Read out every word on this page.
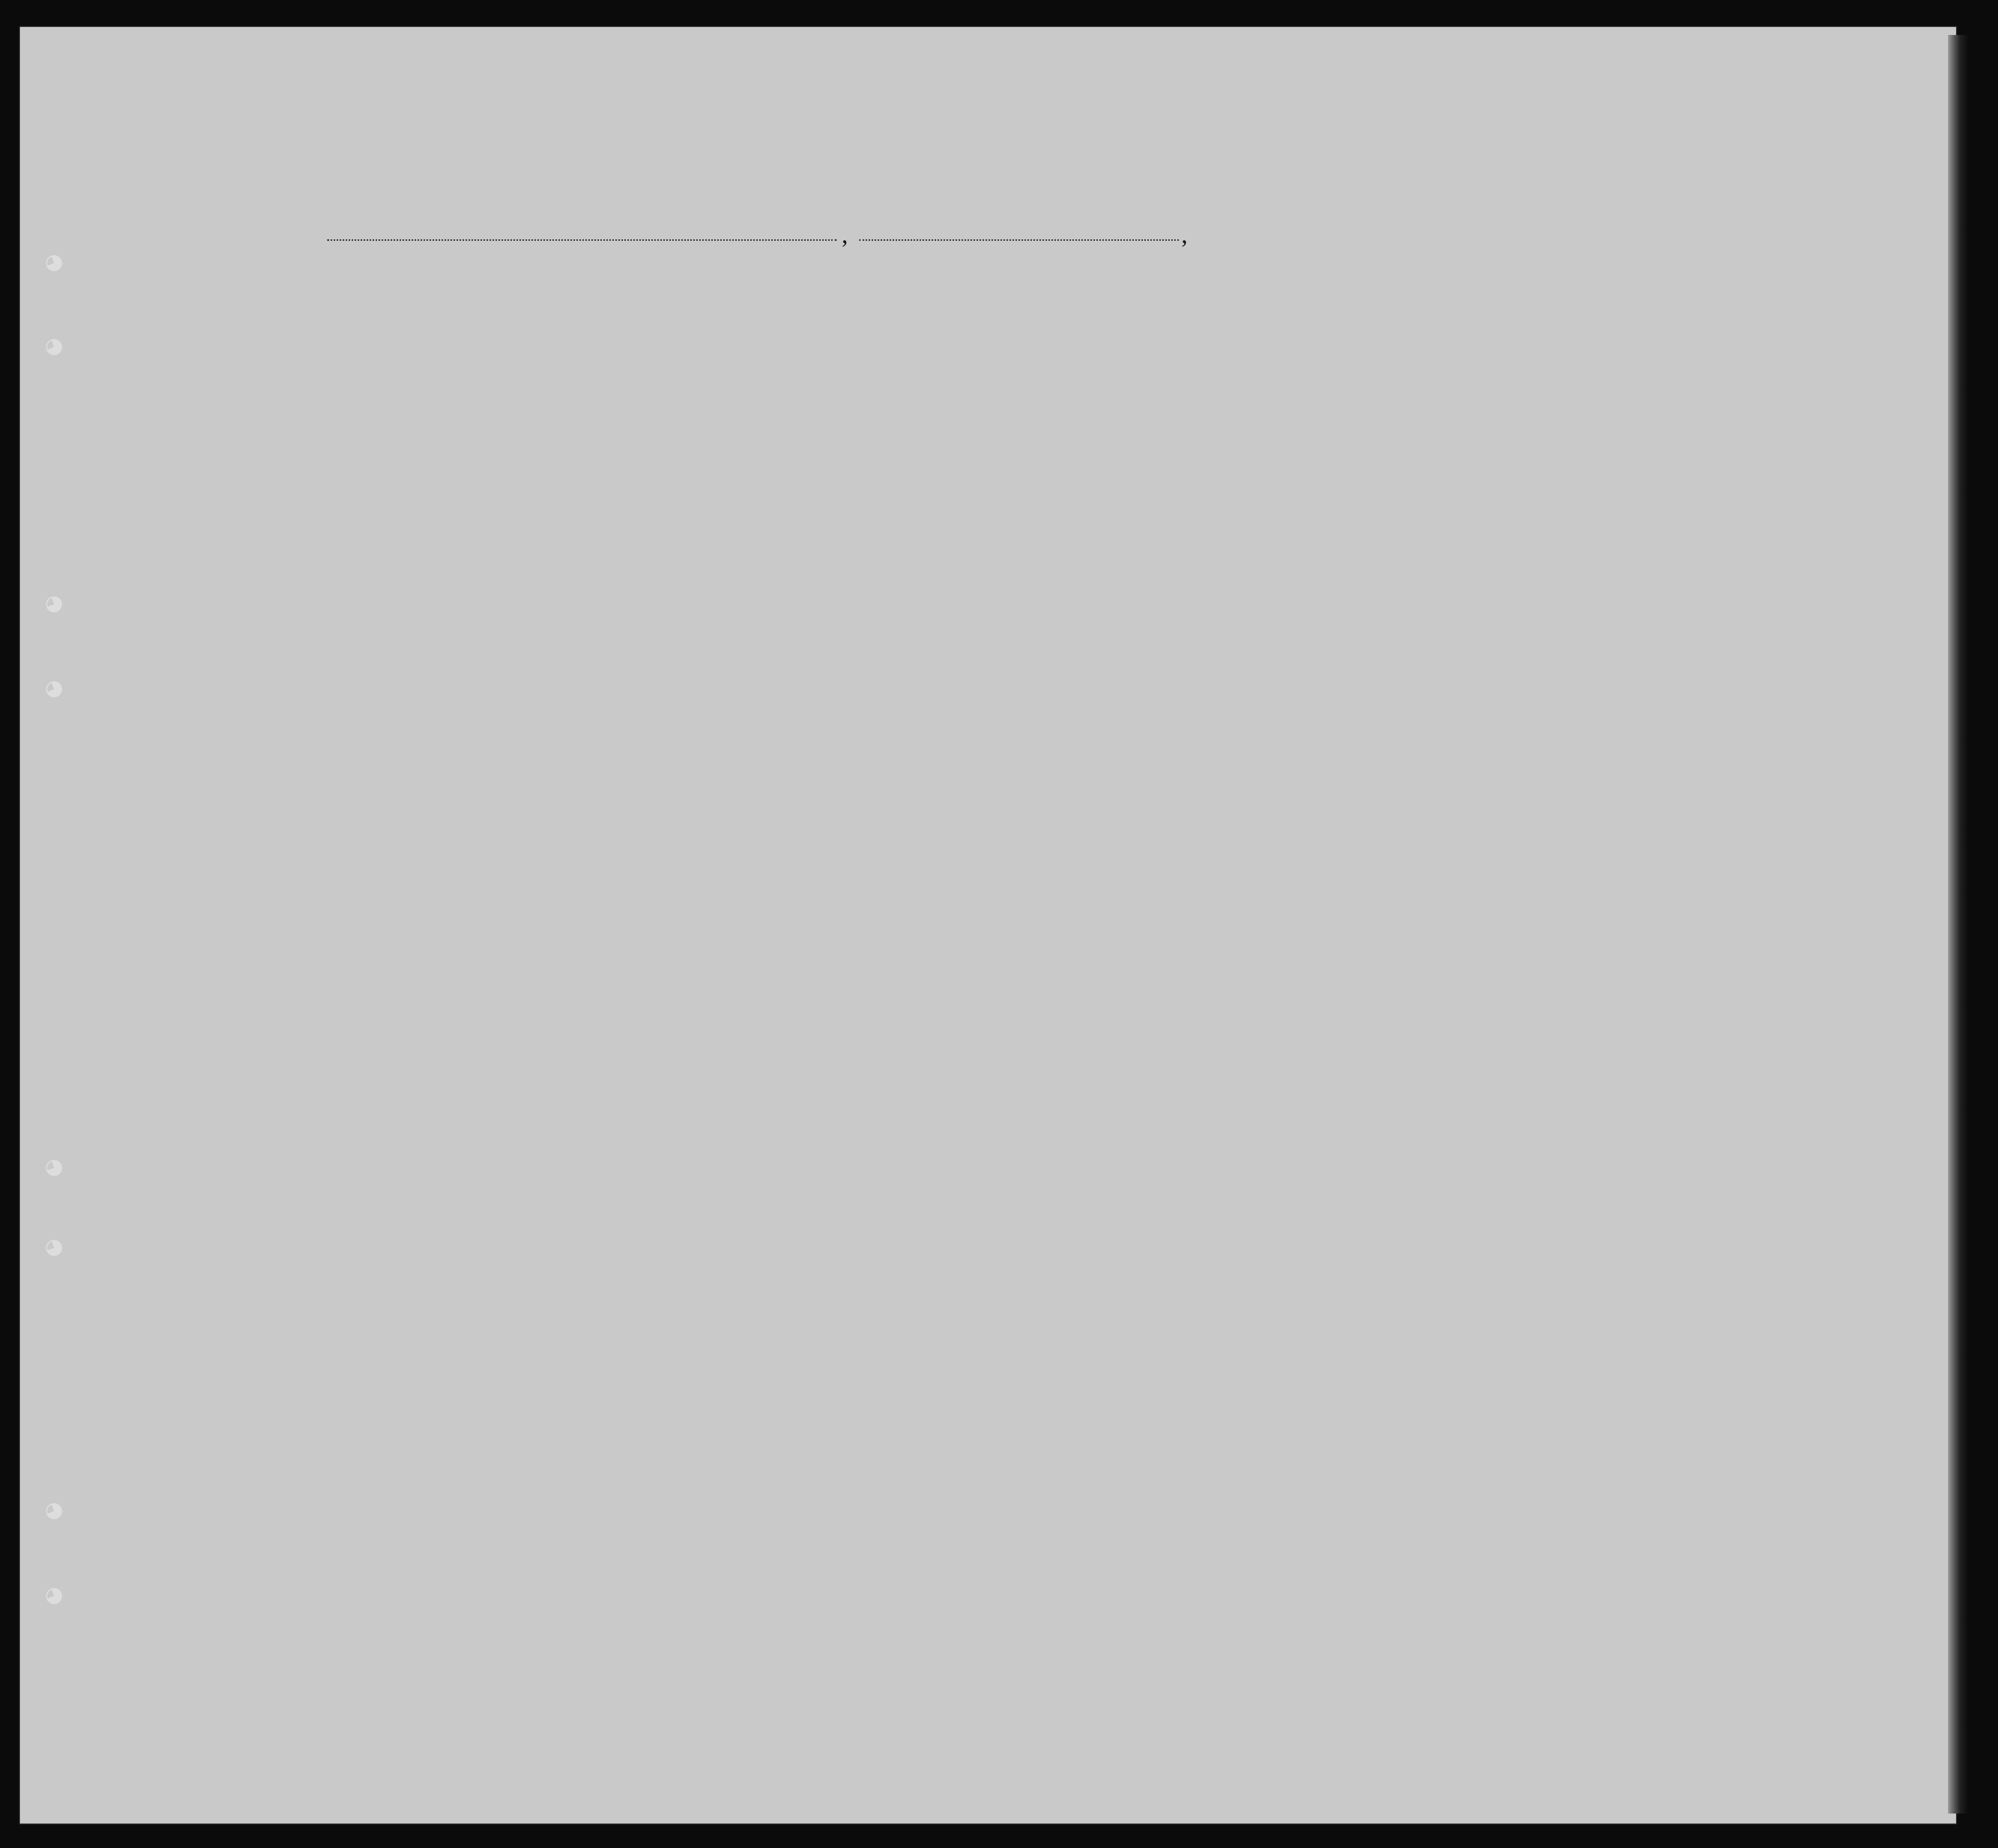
,	,
◕
◕
◕
◕
◕
◕
◕
◕
